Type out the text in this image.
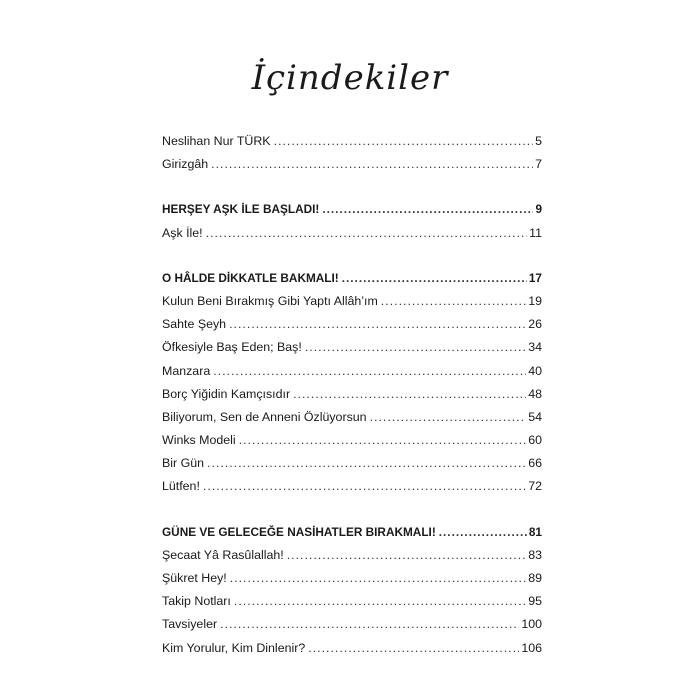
İçindekiler
Neslihan Nur TÜRK .....	5
Girizgâh .....	7
HERŞEY AŞK İLE BAŞLADI! .....	9
Aşk İle! .....	11
O HÂLDE DİKKATLE BAKMALI! .....	17
Kulun Beni Bırakmış Gibi Yaptı Allâh’ım .....	19
Sahte Şeyh .....	26
Öfkesiyle Baş Eden; Baş! .....	34
Manzara .....	40
Borç Yiğidin Kamçısıdır .....	48
Biliyorum, Sen de Anneni Özlüyorsun .....	54
Winks Modeli .....	60
Bir Gün .....	66
Lütfen! .....	72
GÜNE VE GELECEĞE NASİHATLER BIRAKMALI! .....	81
Şecaat Yâ Rasûlallah! .....	83
Şükret Hey! .....	89
Takip Notları .....	95
Tavsiyeler .....	100
Kim Yorulur, Kim Dinlenir? .....	106
